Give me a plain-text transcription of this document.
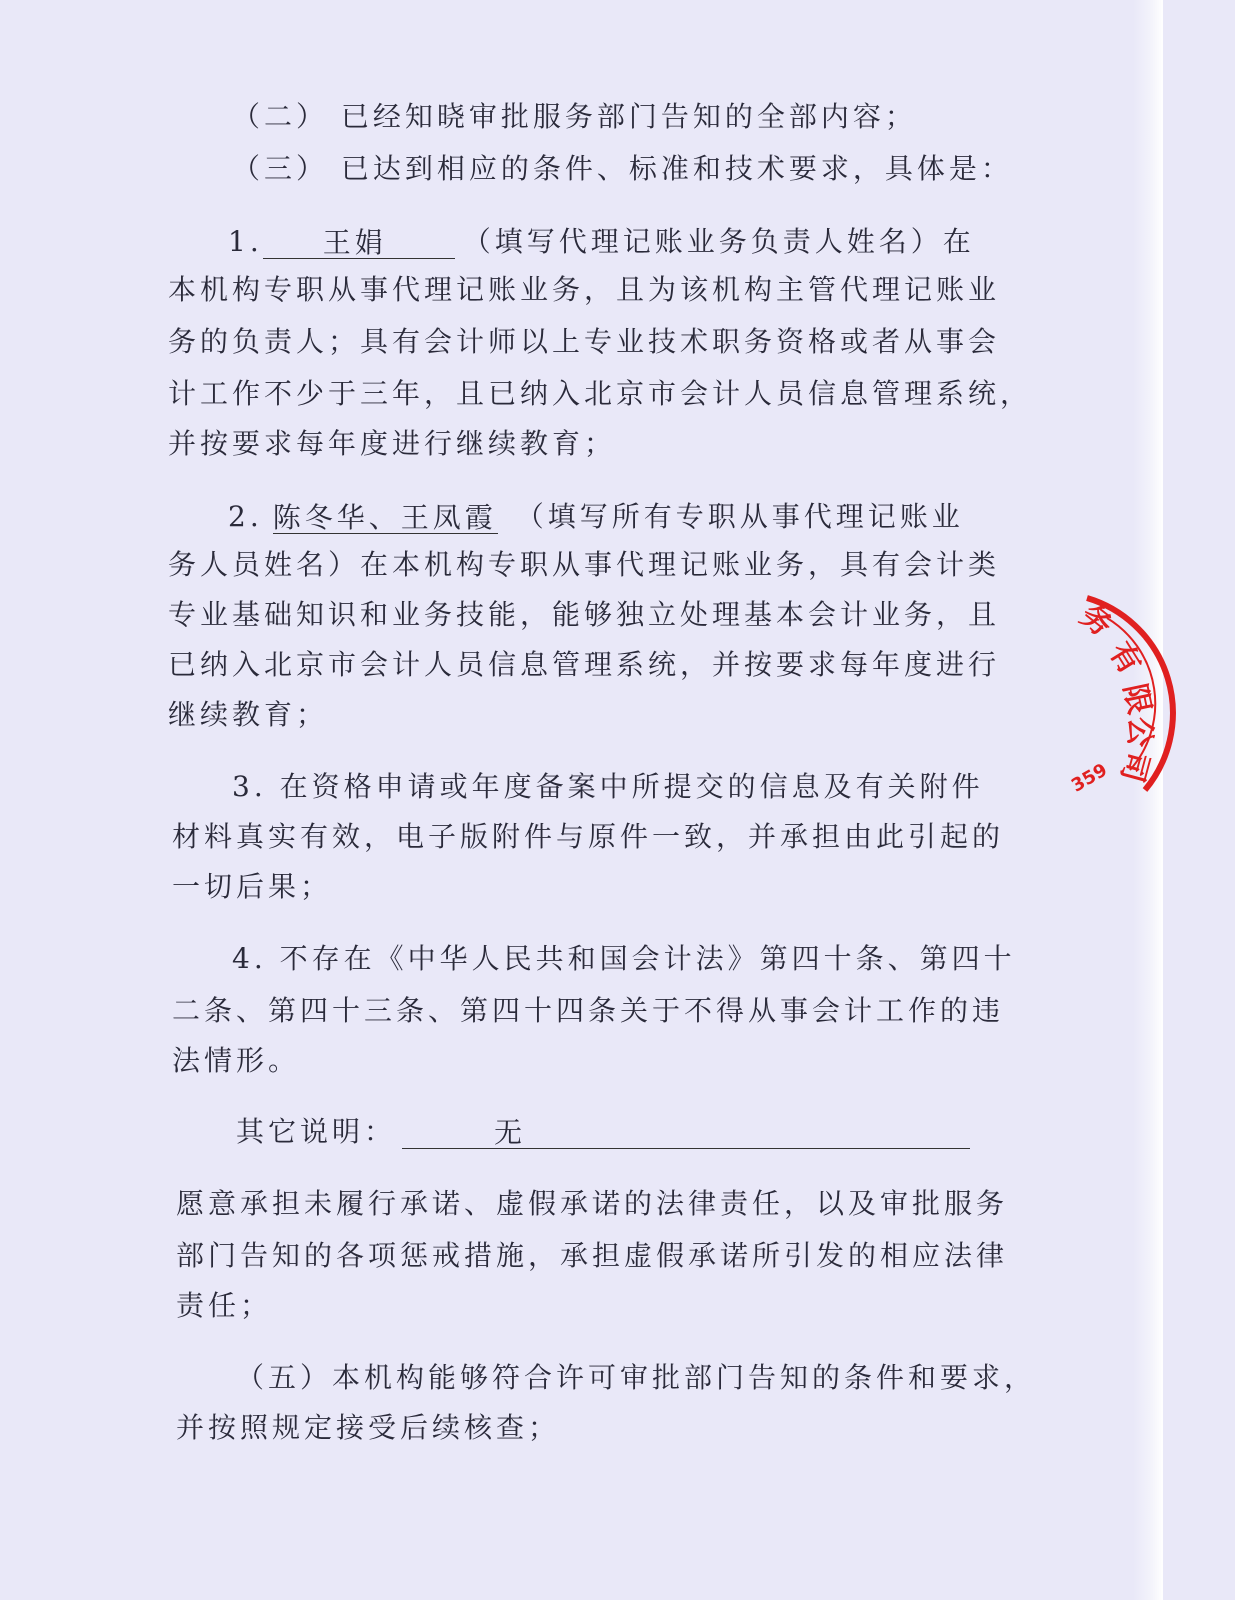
（二） 已经知晓审批服务部门告知的全部内容；
（三） 已达到相应的条件、标准和技术要求，具体是：
1. 王娟	（填写代理记账业务负责人姓名）在
本机构专职从事代理记账业务，且为该机构主管代理记账业
务的负责人；具有会计师以上专业技术职务资格或者从事会
计工作不少于三年，且已纳入北京市会计人员信息管理系统，
并按要求每年度进行继续教育；
2. 陈冬华、王凤霞 （填写所有专职从事代理记账业
务人员姓名）在本机构专职从事代理记账业务，具有会计类
专业基础知识和业务技能，能够独立处理基本会计业务，且
已纳入北京市会计人员信息管理系统，并按要求每年度进行
继续教育；
3. 在资格申请或年度备案中所提交的信息及有关附件
材料真实有效，电子版附件与原件一致，并承担由此引起的
一切后果；
4. 不存在《中华人民共和国会计法》第四十条、第四十
二条、第四十三条、第四十四条关于不得从事会计工作的违
法情形。
其它说明：	无
愿意承担未履行承诺、虚假承诺的法律责任，以及审批服务
部门告知的各项惩戒措施，承担虚假承诺所引发的相应法律
责任；
（五）本机构能够符合许可审批部门告知的条件和要求，
并按照规定接受后续核查；
务
有
限
公
司
359
